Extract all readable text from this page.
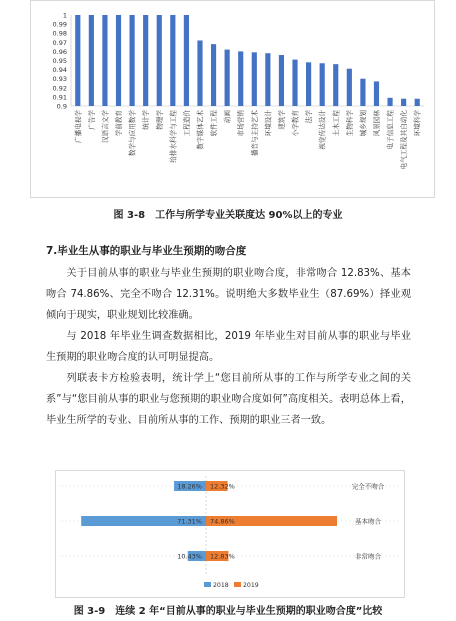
0.9
0.91
0.92
0.93
0.94
0.95
0.96
0.97
0.98
0.99
1
广播电视学 广告学 汉语言文学 学前教育 数学与应用数学 统计学 物理学 给排水科学与工程 工程造价 数字媒体艺术 软件工程 动画 市场营销 播音与主持艺术 环境设计 建筑学 小学教育 法学 视觉传达设计 土木工程 生物科学 城乡规划 风景园林 电子信息工程 电气工程及其自动化 环境科学
图 3-8　工作与所学专业关联度达 90%以上的专业
7.毕业生从事的职业与毕业生预期的吻合度

关于目前从事的职业与毕业生预期的职业吻合度，非常吻合 12.83%、基本吻合 74.86%、完全不吻合 12.31%。说明绝大多数毕业生（87.69%）择业观倾向于现实，职业规划比较准确。

与 2018 年毕业生调查数据相比，2019 年毕业生对目前从事的职业与毕业生预期的职业吻合度的认可明显提高。

列联表卡方检验表明，统计学上“您目前所从事的工作与所学专业之间的关系”与“您目前从事的职业与您预期的职业吻合度如何”高度相关。表明总体上看，毕业生所学的专业、目前所从事的工作、预期的职业三者一致。

18.26% 12.32%	完全不吻合
71.31% 74.86%	基本吻合
10.43% 12.83%	非常吻合
2018 2019
图 3-9　连续 2 年“目前从事的职业与毕业生预期的职业吻合度”比较
